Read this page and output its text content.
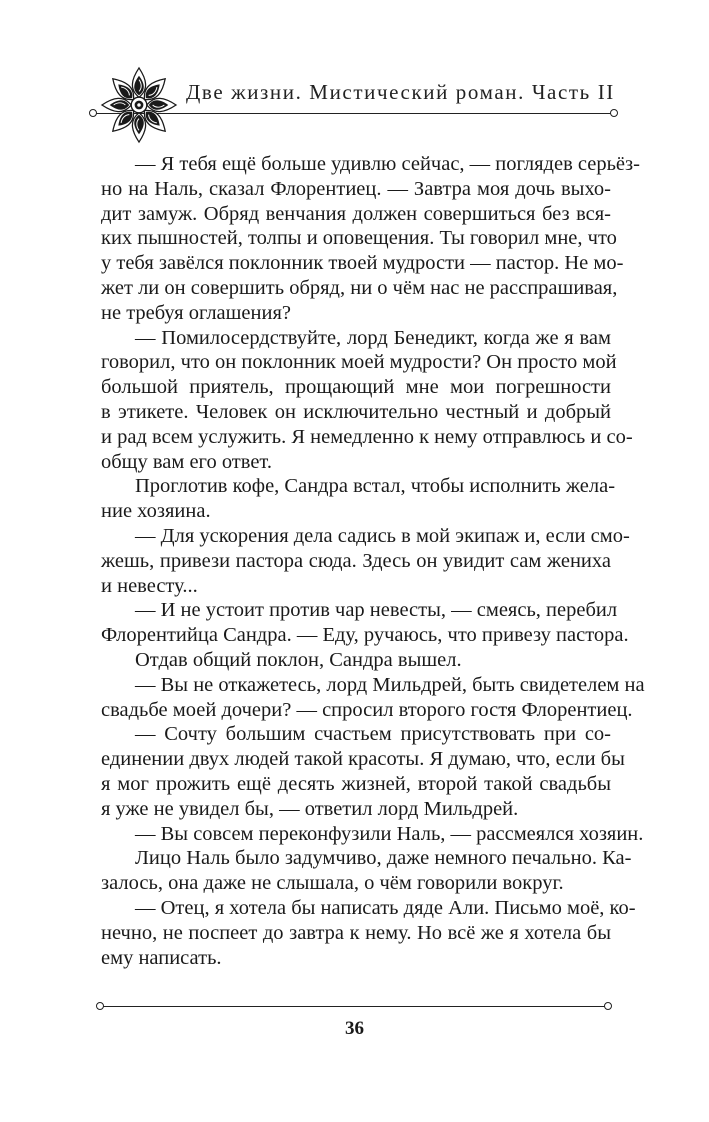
Две жизни. Мистический роман. Часть II
— Я тебя ещё больше удивлю сейчас, — поглядев серьёз-
но на Наль, сказал Флорентиец. — Завтра моя дочь выхо-
дит замуж. Обряд венчания должен совершиться без вся-
ких пышностей, толпы и оповещения. Ты говорил мне, что
у тебя завёлся поклонник твоей мудрости — пастор. Не мо-
жет ли он совершить обряд, ни о чём нас не расспрашивая,
не требуя оглашения?
— Помилосердствуйте, лорд Бенедикт, когда же я вам
говорил, что он поклонник моей мудрости? Он просто мой
большой приятель, прощающий мне мои погрешности
в этикете. Человек он исключительно честный и добрый
и рад всем услужить. Я немедленно к нему отправлюсь и со-
общу вам его ответ.
Проглотив кофе, Сандра встал, чтобы исполнить жела-
ние хозяина.
— Для ускорения дела садись в мой экипаж и, если смо-
жешь, привези пастора сюда. Здесь он увидит сам жениха
и невесту...
— И не устоит против чар невесты, — смеясь, перебил
Флорентийца Сандра. — Еду, ручаюсь, что привезу пастора.
Отдав общий поклон, Сандра вышел.
— Вы не откажетесь, лорд Мильдрей, быть свидетелем на
свадьбе моей дочери? — спросил второго гостя Флорентиец.
— Сочту большим счастьем присутствовать при со-
единении двух людей такой красоты. Я думаю, что, если бы
я мог прожить ещё десять жизней, второй такой свадьбы
я уже не увидел бы, — ответил лорд Мильдрей.
— Вы совсем переконфузили Наль, — рассмеялся хозяин.
Лицо Наль было задумчиво, даже немного печально. Ка-
залось, она даже не слышала, о чём говорили вокруг.
— Отец, я хотела бы написать дяде Али. Письмо моё, ко-
нечно, не поспеет до завтра к нему. Но всё же я хотела бы
ему написать.
36
